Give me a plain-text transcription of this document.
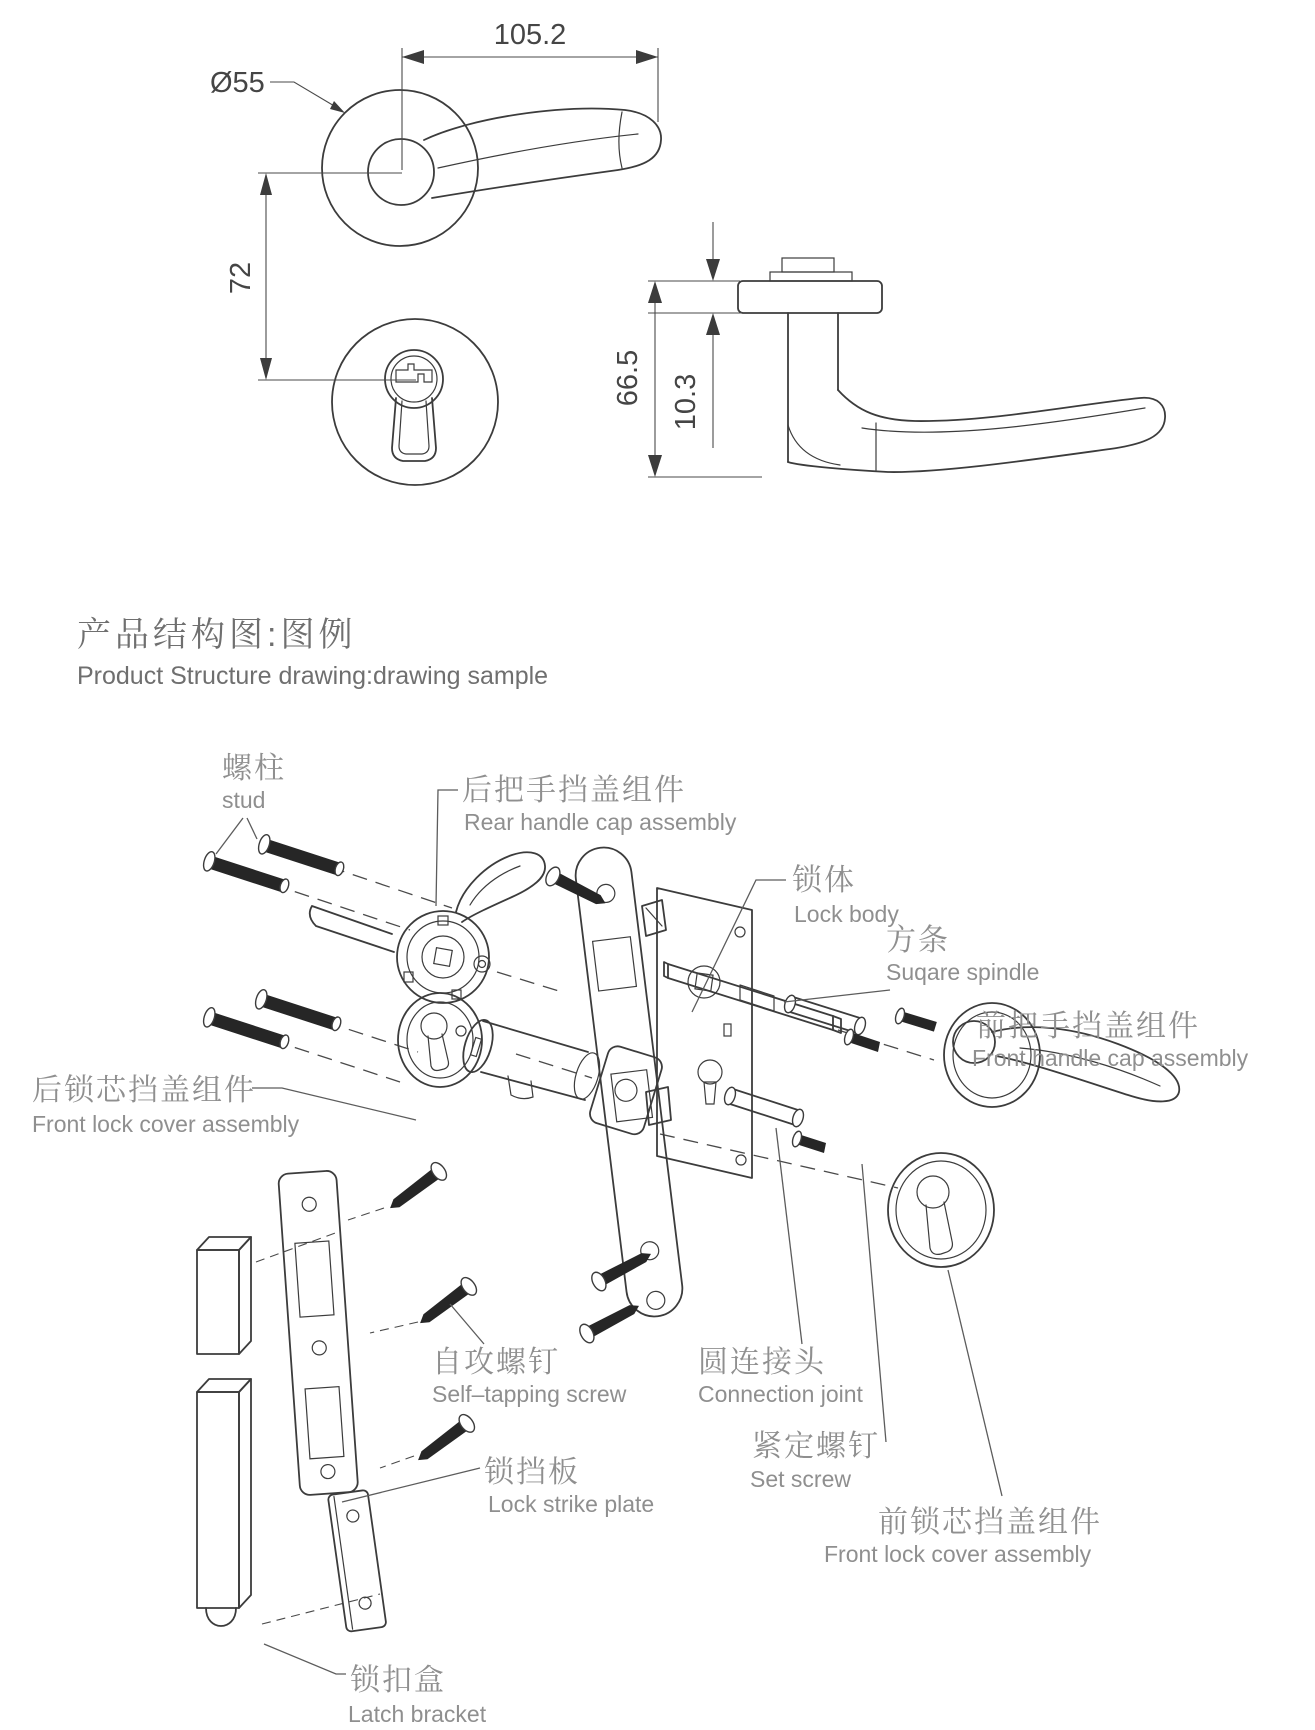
105.2
Ø55
72
66.5 10.3
产品结构图:图例
Product Structure drawing:drawing sample
螺柱
stud	后把手挡盖组件
Rear handle cap assembly
锁体
Lock body
方条
Suqare spindle
前把手挡盖组件
Front handle cap assembly
后锁芯挡盖组件
Front lock cover assembly
自攻螺钉
Self–tapping screw
圆连接头
Connection joint
锁挡板
Lock strike plate
紧定螺钉
Set screw
前锁芯挡盖组件
Front lock cover assembly
锁扣盒
Latch bracket
